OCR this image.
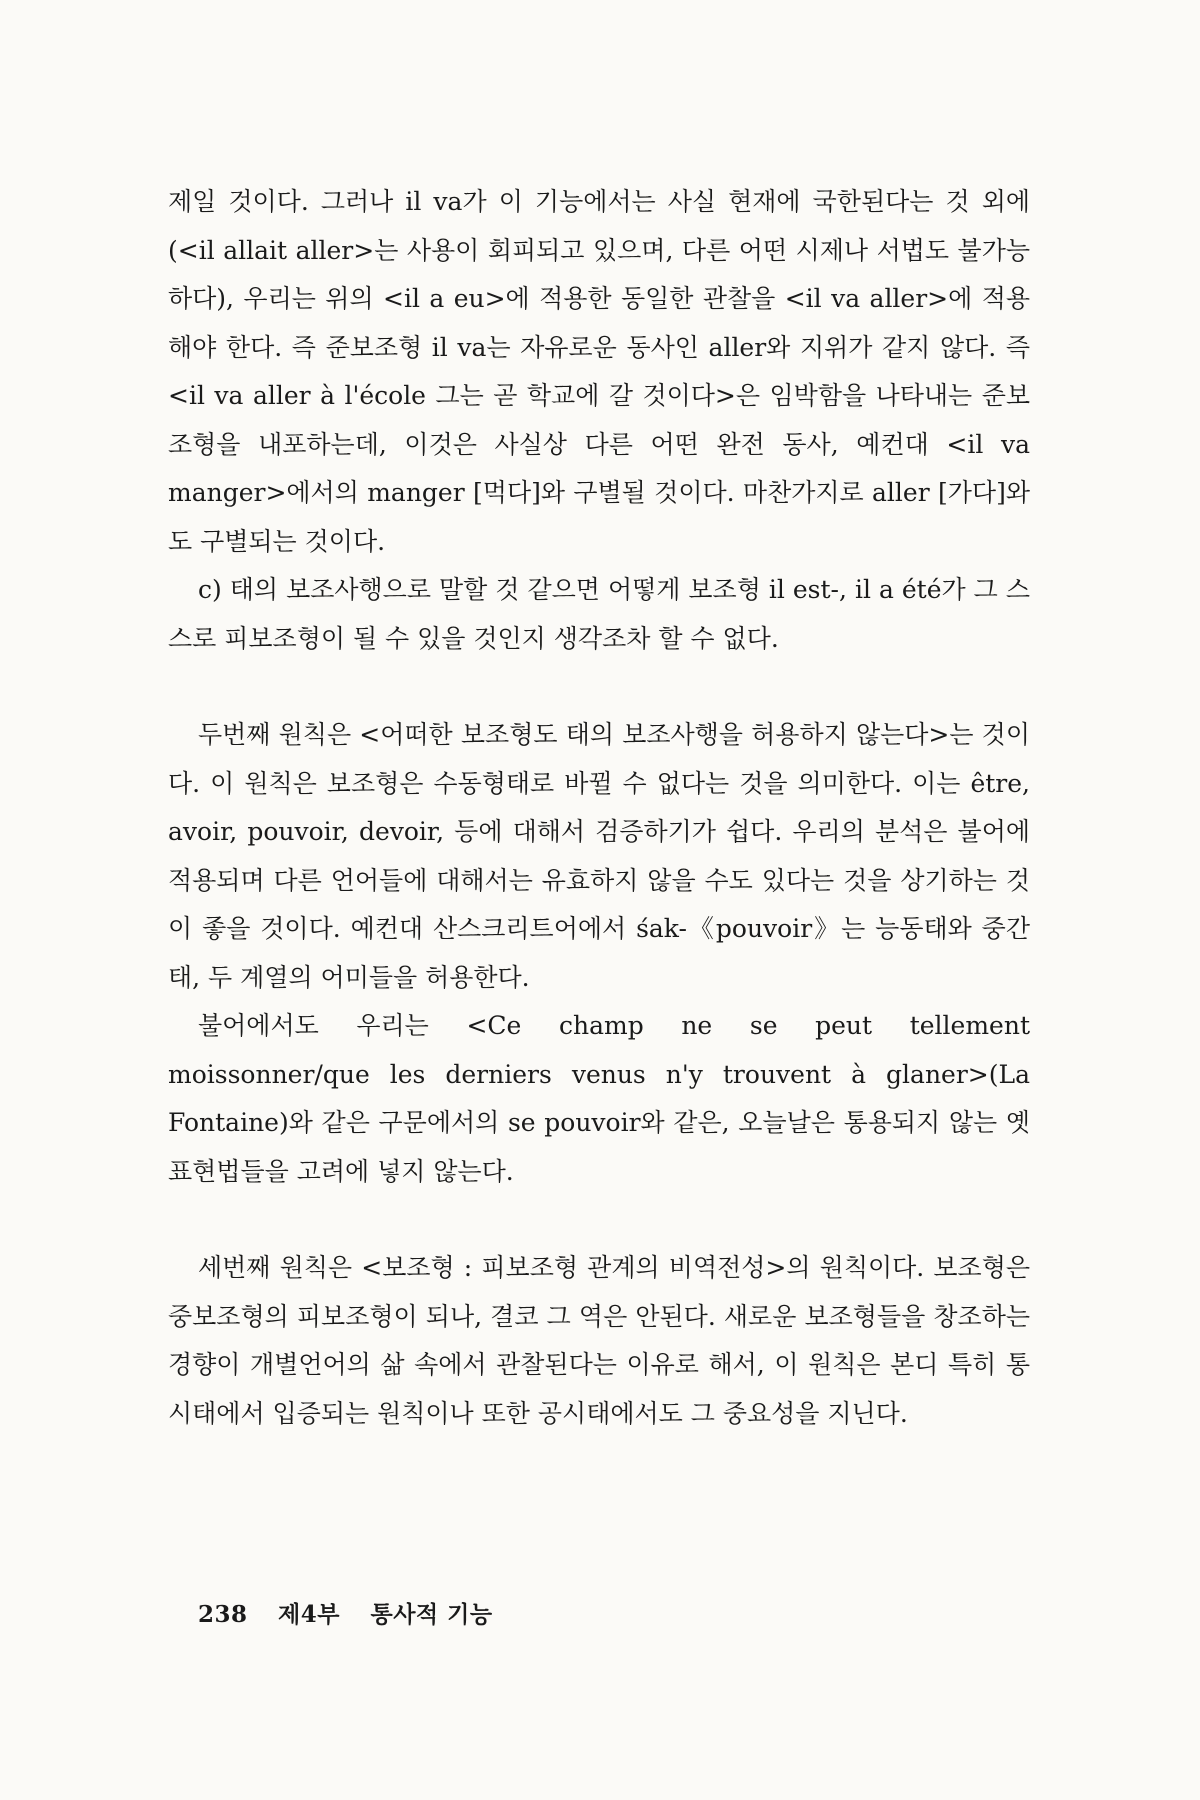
제일 것이다. 그러나 il va가 이 기능에서는 사실 현재에 국한된다는 것 외에(<il allait aller>는 사용이 회피되고 있으며, 다른 어떤 시제나 서법도 불가능하다), 우리는 위의 <il a eu>에 적용한 동일한 관찰을 <il va aller>에 적용해야 한다. 즉 준보조형 il va는 자유로운 동사인 aller와 지위가 같지 않다. 즉 <il va aller à l'école 그는 곧 학교에 갈 것이다>은 임박함을 나타내는 준보조형을 내포하는데, 이것은 사실상 다른 어떤 완전 동사, 예컨대 <il va manger>에서의 manger [먹다]와 구별될 것이다. 마찬가지로 aller [가다]와도 구별되는 것이다.

c) 태의 보조사행으로 말할 것 같으면 어떻게 보조형 il est-, il a été가 그 스스로 피보조형이 될 수 있을 것인지 생각조차 할 수 없다.

두번째 원칙은 <어떠한 보조형도 태의 보조사행을 허용하지 않는다>는 것이다. 이 원칙은 보조형은 수동형태로 바뀔 수 없다는 것을 의미한다. 이는 être, avoir, pouvoir, devoir, 등에 대해서 검증하기가 쉽다. 우리의 분석은 불어에 적용되며 다른 언어들에 대해서는 유효하지 않을 수도 있다는 것을 상기하는 것이 좋을 것이다. 예컨대 산스크리트어에서 śak-《pouvoir》는 능동태와 중간태, 두 계열의 어미들을 허용한다.

불어에서도 우리는 <Ce champ ne se peut tellement moissonner/que les derniers venus n'y trouvent à glaner>(La Fontaine)와 같은 구문에서의 se pouvoir와 같은, 오늘날은 통용되지 않는 옛 표현법들을 고려에 넣지 않는다.

세번째 원칙은 <보조형 : 피보조형 관계의 비역전성>의 원칙이다. 보조형은 중보조형의 피보조형이 되나, 결코 그 역은 안된다. 새로운 보조형들을 창조하는 경향이 개별언어의 삶 속에서 관찰된다는 이유로 해서, 이 원칙은 본디 특히 통시태에서 입증되는 원칙이나 또한 공시태에서도 그 중요성을 지닌다.

238 제4부 통사적 기능
